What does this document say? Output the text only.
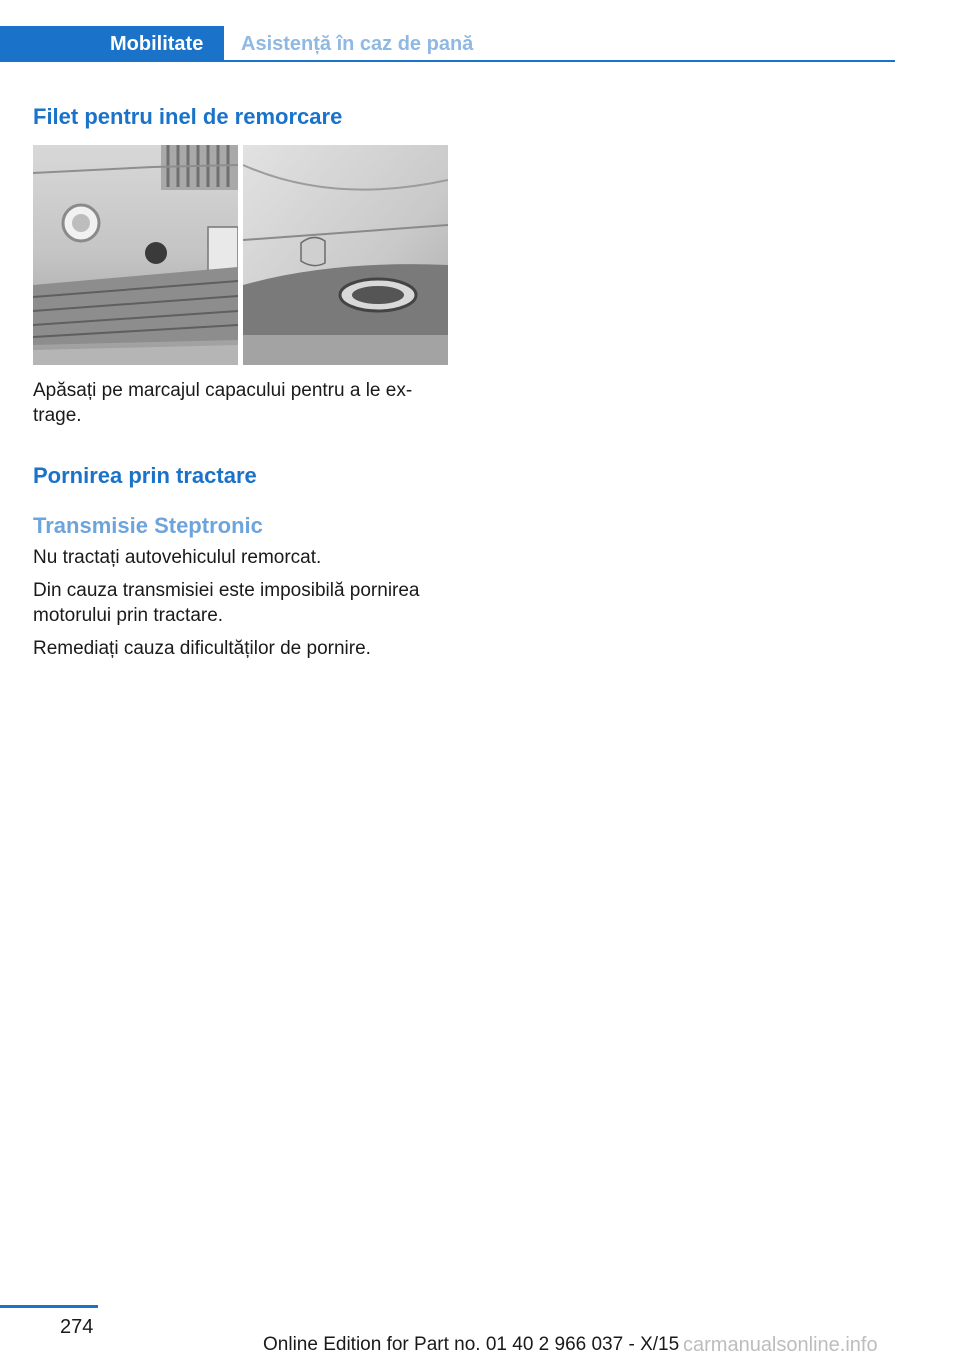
Mobilitate	Asistență în caz de pană
Filet pentru inel de remorcare

Apăsați pe marcajul capacului pentru a le ex‐ trage.

Pornirea prin tractare
Transmisie Steptronic

Nu tractați autovehiculul remorcat.

Din cauza transmisiei este imposibilă pornirea motorului prin tractare.

Remediați cauza dificultăților de pornire.

274
Online Edition for Part no. 01 40 2 966 037 - X/15 carmanualsonline.info
